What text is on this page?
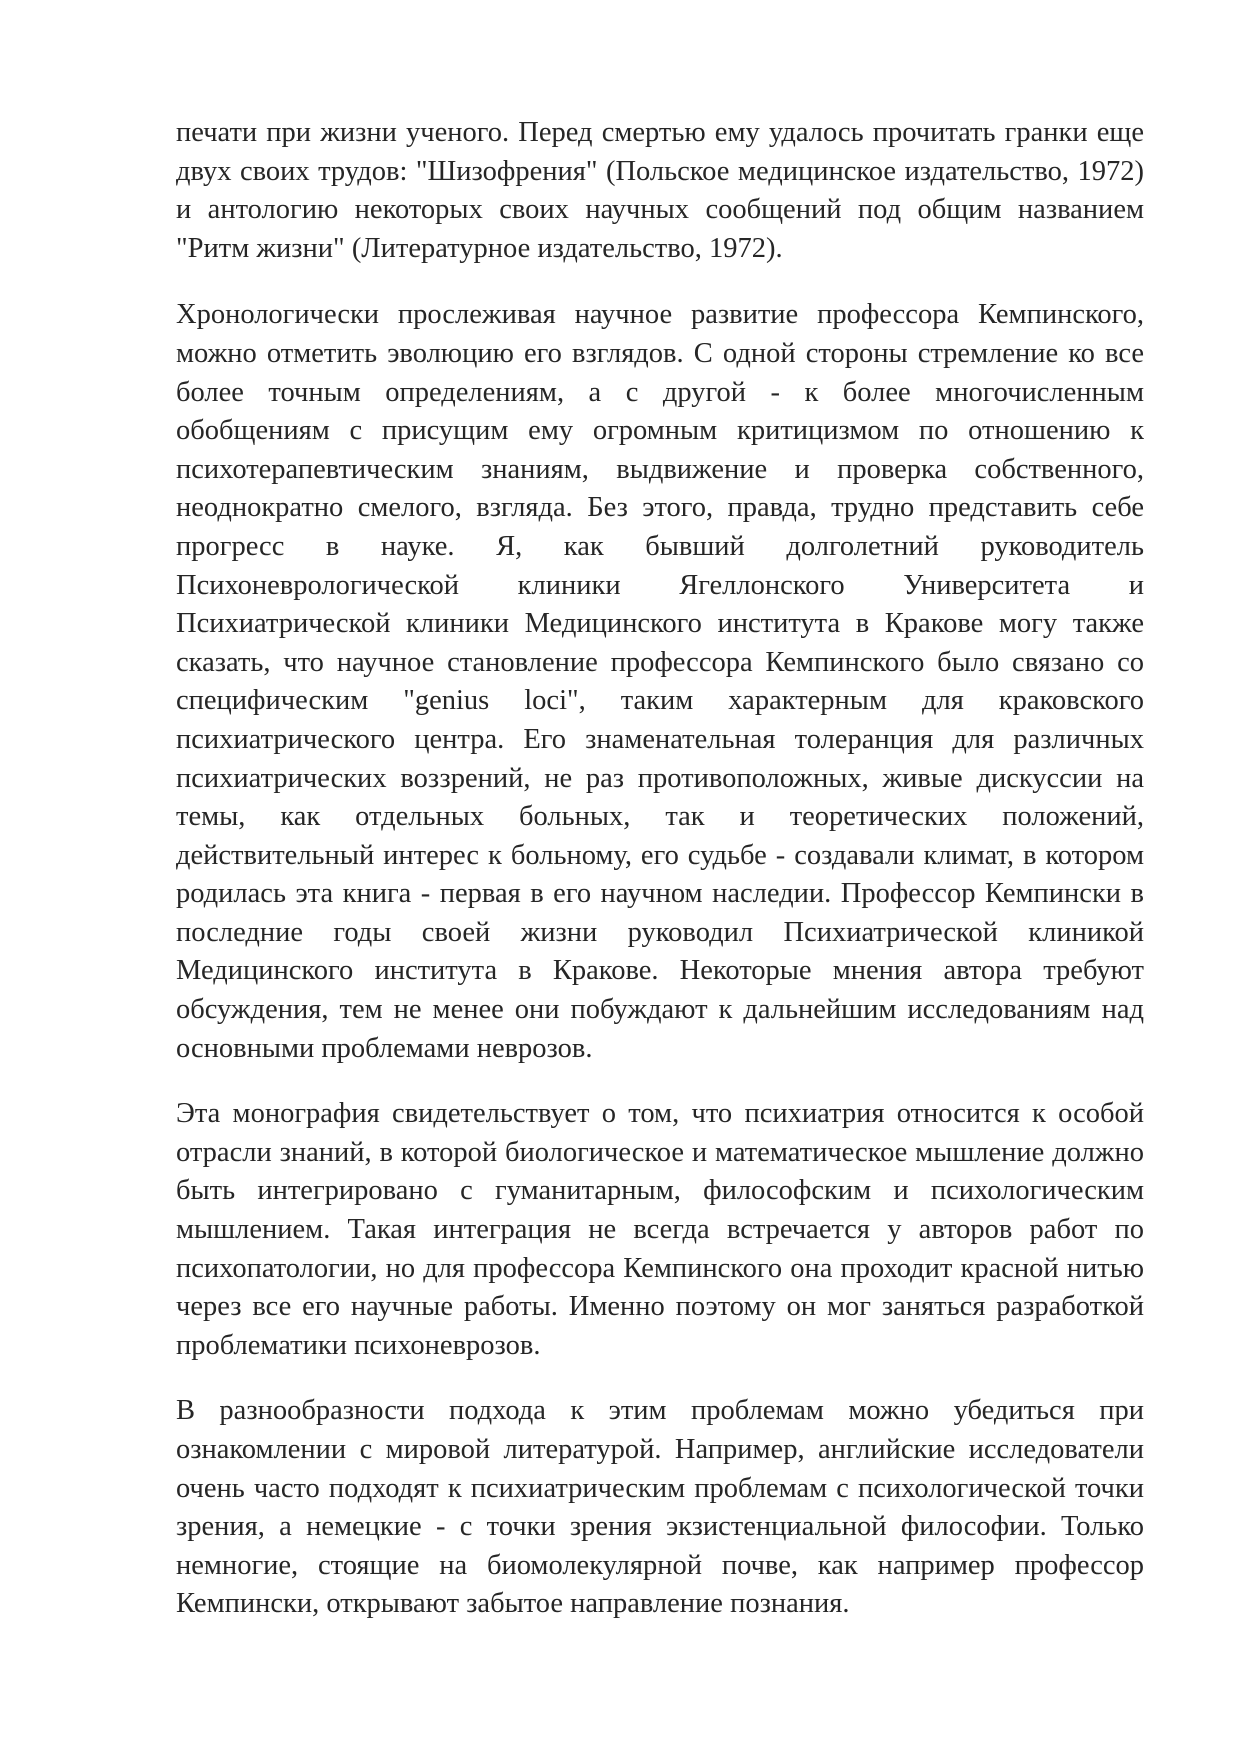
печати при жизни ученого. Перед смертью ему удалось прочитать гранки еще двух своих трудов: "Шизофрения" (Польское медицинское издательство, 1972) и антологию некоторых своих научных сообщений под общим названием "Ритм жизни" (Литературное издательство, 1972).

Хронологически прослеживая научное развитие профессора Кемпинского, можно отметить эволюцию его взглядов. С одной стороны стремление ко все более точным определениям, а с другой - к более многочисленным обобщениям с присущим ему огромным критицизмом по отношению к психотерапевтическим знаниям, выдвижение и проверка собственного, неоднократно смелого, взгляда. Без этого, правда, трудно представить себе прогресс в науке. Я, как бывший долголетний руководитель Психоневрологической клиники Ягеллонского Университета и Психиатрической клиники Медицинского института в Кракове могу также сказать, что научное становление профессора Кемпинского было связано со специфическим "genius loci", таким характерным для краковского психиатрического центра. Его знаменательная толеранция для различных психиатрических воззрений, не раз противоположных, живые дискуссии на темы, как отдельных больных, так и теоретических положений, действительный интерес к больному, его судьбе - создавали климат, в котором родилась эта книга - первая в его научном наследии. Профессор Кемпински в последние годы своей жизни руководил Психиатрической клиникой Медицинского института в Кракове. Некоторые мнения автора требуют обсуждения, тем не менее они побуждают к дальнейшим исследованиям над основными проблемами неврозов.

Эта монография свидетельствует о том, что психиатрия относится к особой отрасли знаний, в которой биологическое и математическое мышление должно быть интегрировано с гуманитарным, философским и психологическим мышлением. Такая интеграция не всегда встречается у авторов работ по психопатологии, но для профессора Кемпинского она проходит красной нитью через все его научные работы. Именно поэтому он мог заняться разработкой проблематики психоневрозов.

В разнообразности подхода к этим проблемам можно убедиться при ознакомлении с мировой литературой. Например, английские исследователи очень часто подходят к психиатрическим проблемам с психологической точки зрения, а немецкие - с точки зрения экзистенциальной философии. Только немногие, стоящие на биомолекулярной почве, как например профессор Кемпински, открывают забытое направление познания.
